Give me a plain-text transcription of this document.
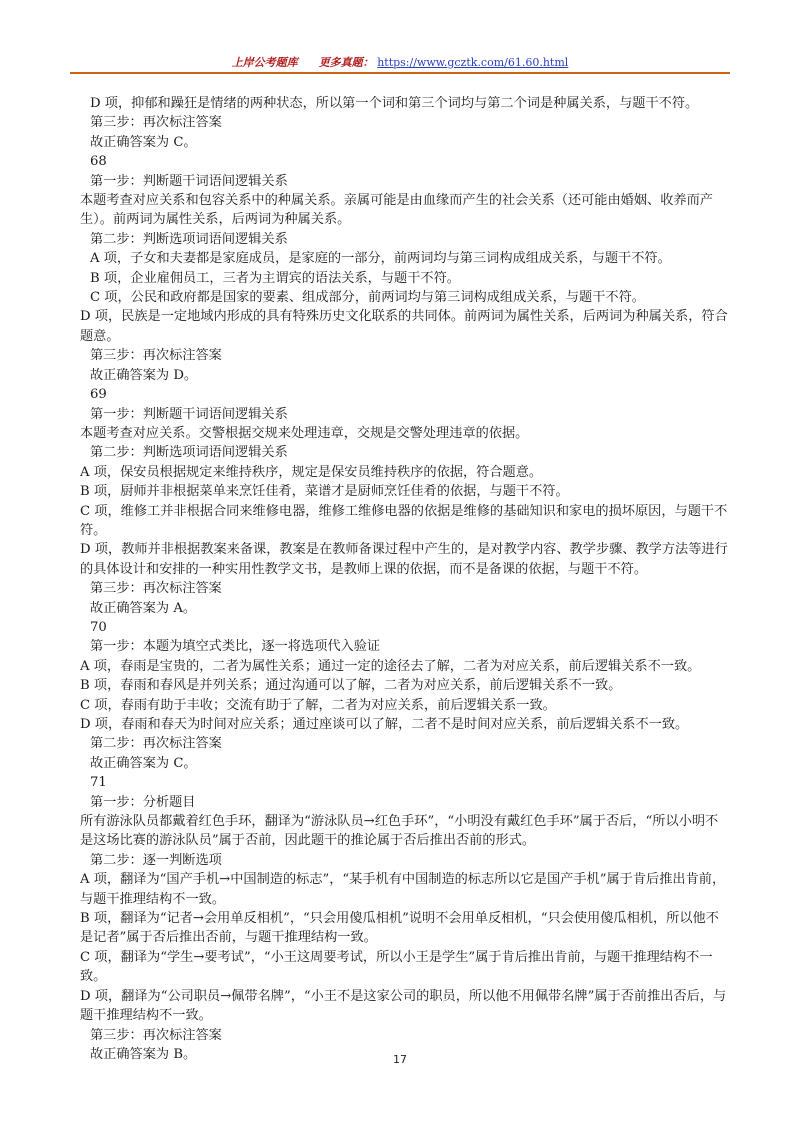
上岸公考题库 更多真题： https://www.gcztk.com/61.60.html

D 项，抑郁和躁狂是情绪的两种状态，所以第一个词和第三个词均与第二个词是种属关系，与题干不符。

第三步：再次标注答案

故正确答案为 C。

68

第一步：判断题干词语间逻辑关系

本题考查对应关系和包容关系中的种属关系。亲属可能是由血缘而产生的社会关系（还可能由婚姻、收养而产生）。前两词为属性关系，后两词为种属关系。

第二步：判断选项词语间逻辑关系

A 项，子女和夫妻都是家庭成员，是家庭的一部分，前两词均与第三词构成组成关系，与题干不符。

B 项，企业雇佣员工，三者为主谓宾的语法关系，与题干不符。

C 项，公民和政府都是国家的要素、组成部分，前两词均与第三词构成组成关系，与题干不符。

D 项，民族是一定地域内形成的具有特殊历史文化联系的共同体。前两词为属性关系，后两词为种属关系，符合题意。

第三步：再次标注答案

故正确答案为 D。

69

第一步：判断题干词语间逻辑关系

本题考查对应关系。交警根据交规来处理违章，交规是交警处理违章的依据。

第二步：判断选项词语间逻辑关系

A 项，保安员根据规定来维持秩序，规定是保安员维持秩序的依据，符合题意。

B 项，厨师并非根据菜单来烹饪佳肴，菜谱才是厨师烹饪佳肴的依据，与题干不符。

C 项，维修工并非根据合同来维修电器，维修工维修电器的依据是维修的基础知识和家电的损坏原因，与题干不符。

D 项，教师并非根据教案来备课，教案是在教师备课过程中产生的，是对教学内容、教学步骤、教学方法等进行的具体设计和安排的一种实用性教学文书，是教师上课的依据，而不是备课的依据，与题干不符。

第三步：再次标注答案

故正确答案为 A。

70

第一步：本题为填空式类比，逐一将选项代入验证

A 项，春雨是宝贵的，二者为属性关系；通过一定的途径去了解，二者为对应关系，前后逻辑关系不一致。

B 项，春雨和春风是并列关系；通过沟通可以了解，二者为对应关系，前后逻辑关系不一致。

C 项，春雨有助于丰收；交流有助于了解，二者为对应关系，前后逻辑关系一致。

D 项，春雨和春天为时间对应关系；通过座谈可以了解，二者不是时间对应关系，前后逻辑关系不一致。

第二步：再次标注答案

故正确答案为 C。

71

第一步：分析题目

所有游泳队员都戴着红色手环，翻译为“游泳队员→红色手环”，“小明没有戴红色手环”属于否后，“所以小明不是这场比赛的游泳队员”属于否前，因此题干的推论属于否后推出否前的形式。

第二步：逐一判断选项

A 项，翻译为“国产手机→中国制造的标志”，“某手机有中国制造的标志所以它是国产手机”属于肯后推出肯前，与题干推理结构不一致。

B 项，翻译为“记者→会用单反相机”，“只会用傻瓜相机”说明不会用单反相机，“只会使用傻瓜相机，所以他不是记者”属于否后推出否前，与题干推理结构一致。

C 项，翻译为“学生→要考试”，“小王这周要考试，所以小王是学生”属于肯后推出肯前，与题干推理结构不一致。

D 项，翻译为“公司职员→佩带名牌”，“小王不是这家公司的职员，所以他不用佩带名牌”属于否前推出否后，与题干推理结构不一致。

第三步：再次标注答案

故正确答案为 B。	17
